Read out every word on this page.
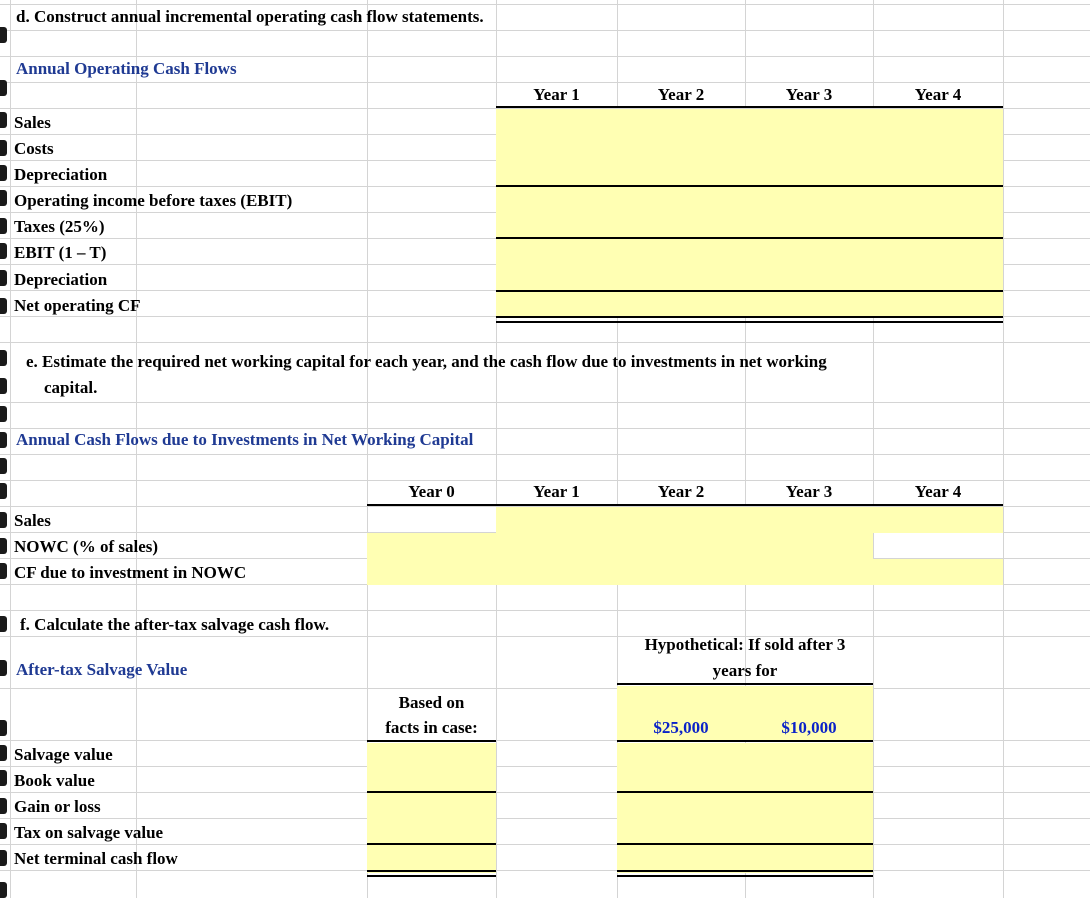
d. Construct annual incremental operating cash flow statements.
Annual Operating Cash Flows
Year 1	Year 2	Year 3	Year 4
Sales
Costs
Depreciation
Operating income before taxes (EBIT)
Taxes (25%)
EBIT (1 – T)
Depreciation
Net operating CF
e. Estimate the required net working capital for each year, and the cash flow due to investments in net working
capital.
Annual Cash Flows due to Investments in Net Working Capital
Year 0	Year 1	Year 2	Year 3	Year 4
Sales
NOWC (% of sales)
CF due to investment in NOWC
f. Calculate the after-tax salvage cash flow.
After-tax Salvage Value
Hypothetical: If sold after 3
years for
Based on
facts in case:	$25,000	$10,000
Salvage value
Book value
Gain or loss
Tax on salvage value
Net terminal cash flow
